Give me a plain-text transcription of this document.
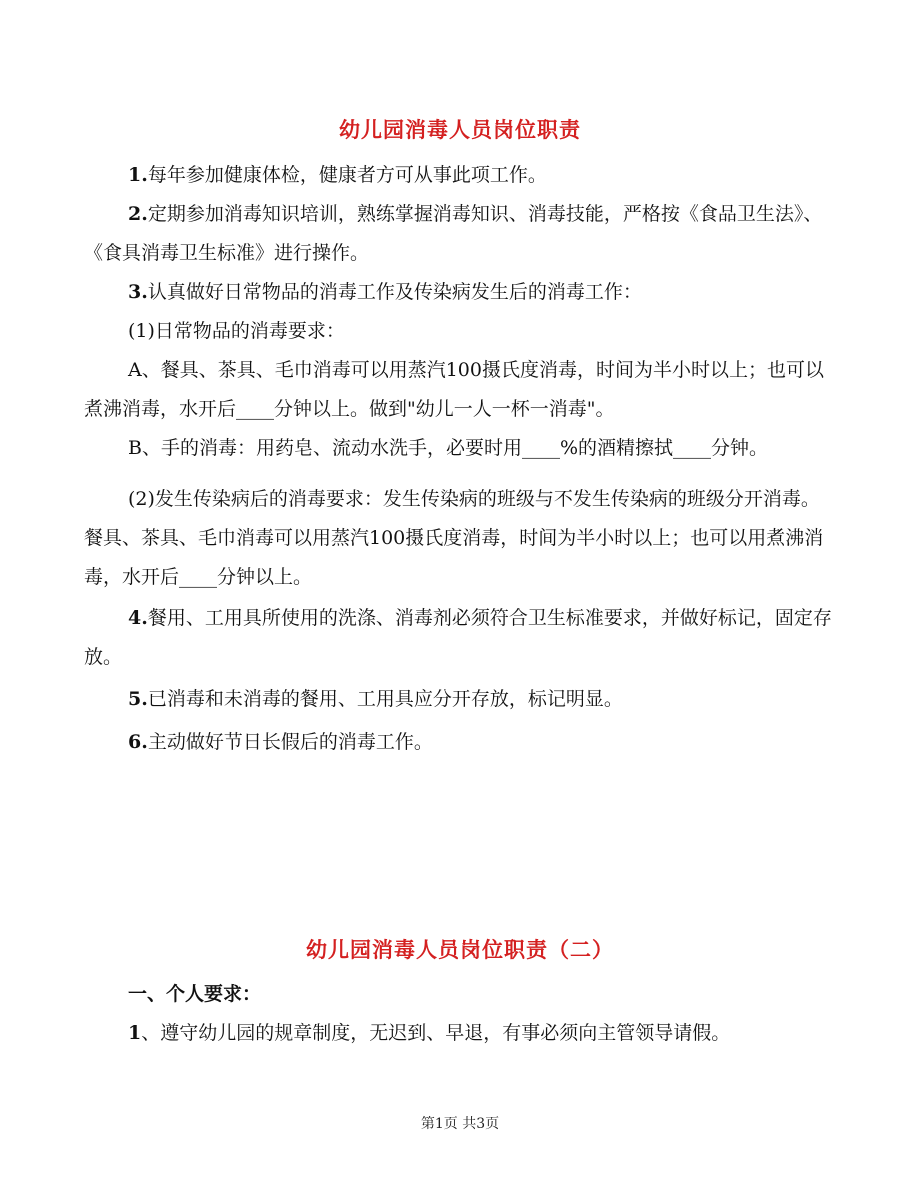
幼儿园消毒人员岗位职责

1.每年参加健康体检，健康者方可从事此项工作。

2.定期参加消毒知识培训，熟练掌握消毒知识、消毒技能，严格按《食品卫生法》、《食具消毒卫生标准》进行操作。

3.认真做好日常物品的消毒工作及传染病发生后的消毒工作：

(1)日常物品的消毒要求：

A、餐具、茶具、毛巾消毒可以用蒸汽100摄氏度消毒，时间为半小时以上；也可以煮沸消毒，水开后____分钟以上。做到"幼儿一人一杯一消毒"。

B、手的消毒：用药皂、流动水洗手，必要时用____%的酒精擦拭____分钟。

(2)发生传染病后的消毒要求：发生传染病的班级与不发生传染病的班级分开消毒。餐具、茶具、毛巾消毒可以用蒸汽100摄氏度消毒，时间为半小时以上；也可以用煮沸消毒，水开后____分钟以上。

4.餐用、工用具所使用的洗涤、消毒剂必须符合卫生标准要求，并做好标记，固定存放。

5.已消毒和未消毒的餐用、工用具应分开存放，标记明显。

6.主动做好节日长假后的消毒工作。

幼儿园消毒人员岗位职责（二）

一、个人要求：

1、遵守幼儿园的规章制度，无迟到、早退，有事必须向主管领导请假。

第1页 共3页
